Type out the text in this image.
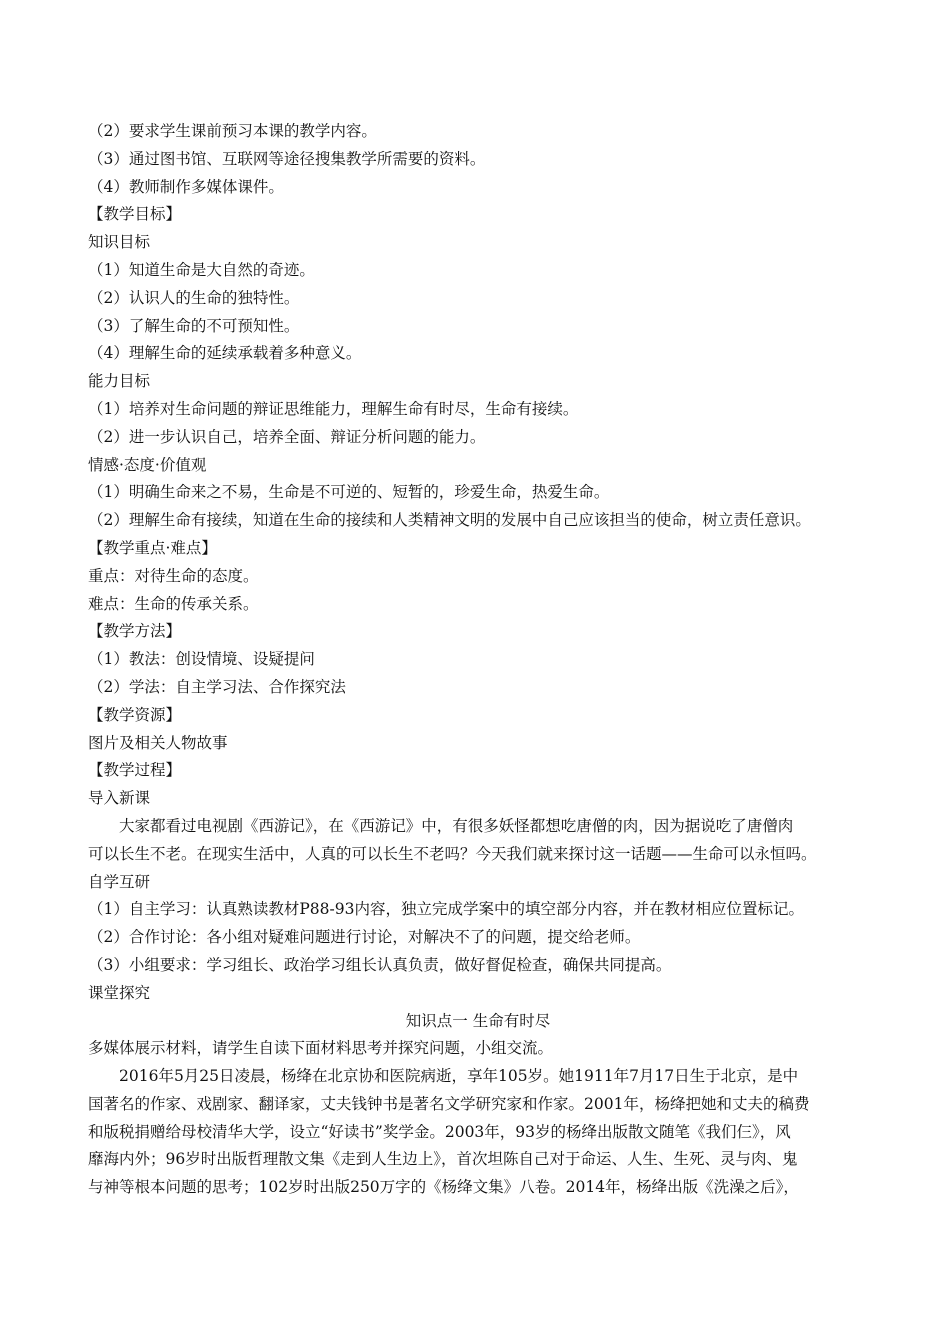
（2）要求学生课前预习本课的教学内容。

（3）通过图书馆、互联网等途径搜集教学所需要的资料。

（4）教师制作多媒体课件。

【教学目标】

知识目标

（1）知道生命是大自然的奇迹。

（2）认识人的生命的独特性。

（3）了解生命的不可预知性。

（4）理解生命的延续承载着多种意义。

能力目标

（1）培养对生命问题的辩证思维能力，理解生命有时尽，生命有接续。

（2）进一步认识自己，培养全面、辩证分析问题的能力。

情感·态度·价值观

（1）明确生命来之不易，生命是不可逆的、短暂的，珍爱生命，热爱生命。

（2）理解生命有接续，知道在生命的接续和人类精神文明的发展中自己应该担当的使命，树立责任意识。

【教学重点·难点】

重点：对待生命的态度。

难点：生命的传承关系。

【教学方法】

（1）教法：创设情境、设疑提问

（2）学法：自主学习法、合作探究法

【教学资源】

图片及相关人物故事

【教学过程】

导入新课

大家都看过电视剧《西游记》，在《西游记》中，有很多妖怪都想吃唐僧的肉，因为据说吃了唐僧肉

可以长生不老。在现实生活中，人真的可以长生不老吗？今天我们就来探讨这一话题——生命可以永恒吗。

自学互研

（1）自主学习：认真熟读教材P88-93内容，独立完成学案中的填空部分内容，并在教材相应位置标记。

（2）合作讨论：各小组对疑难问题进行讨论，对解决不了的问题，提交给老师。

（3）小组要求：学习组长、政治学习组长认真负责，做好督促检查，确保共同提高。

课堂探究

知识点一 生命有时尽

多媒体展示材料，请学生自读下面材料思考并探究问题，小组交流。

2016年5月25日凌晨，杨绛在北京协和医院病逝，享年105岁。她1911年7月17日生于北京，是中

国著名的作家、戏剧家、翻译家，丈夫钱钟书是著名文学研究家和作家。2001年，杨绛把她和丈夫的稿费

和版税捐赠给母校清华大学，设立“好读书”奖学金。2003年，93岁的杨绛出版散文随笔《我们仨》，风

靡海内外；96岁时出版哲理散文集《走到人生边上》，首次坦陈自己对于命运、人生、生死、灵与肉、鬼

与神等根本问题的思考；102岁时出版250万字的《杨绛文集》八卷。2014年，杨绛出版《洗澡之后》，
